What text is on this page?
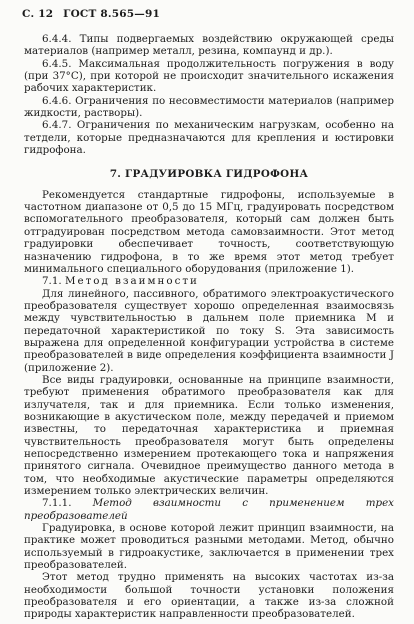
С. 12 ГОСТ 8.565—91

6.4.4. Типы подвергаемых воздействию окружающей среды материалов (например металл, резина, компаунд и др.).

6.4.5. Максимальная продолжительность погружения в воду (при 37°С), при которой не происходит значительного искажения рабочих характеристик.

6.4.6. Ограничения по несовместимости материалов (например жидкости, растворы).

6.4.7. Ограничения по механическим нагрузкам, особенно на тетдели, которые предназначаются для крепления и юстировки гидрофона.

7. ГРАДУИРОВКА ГИДРОФОНА

Рекомендуется стандартные гидрофоны, используемые в частотном диапазоне от 0,5 до 15 МГц, градуировать посредством вспомогательного преобразователя, который сам должен быть отградуирован посредством метода самовзаимности. Этот метод градуировки обеспечивает точность, соответствующую назначению гидрофона, в то же время этот метод требует минимального специального оборудования (приложение 1).

7.1. Метод взаимности

Для линейного, пассивного, обратимого электроакустического преобразователя существует хорошо определенная взаимосвязь между чувствительностью в дальнем поле приемника M и передаточной характеристикой по току S. Эта зависимость выражена для определенной конфигурации устройства в системе преобразователей в виде определения коэффициента взаимности J (приложение 2).

Все виды градуировки, основанные на принципе взаимности, требуют применения обратимого преобразователя как для излучателя, так и для приемника. Если только изменения, возникающие в акустическом поле, между передачей и приемом известны, то передаточная характеристика и приемная чувствительность преобразователя могут быть определены непосредственно измерением протекающего тока и напряжения принятого сигнала. Очевидное преимущество данного метода в том, что необходимые акустические параметры определяются измерением только электрических величин.

7.1.1. Метод взаимности с применением трех преобразователей

Градуировка, в основе которой лежит принцип взаимности, на практике может проводиться разными методами. Метод, обычно используемый в гидроакустике, заключается в применении трех преобразователей.

Этот метод трудно применять на высоких частотах из-за необходимости большой точности установки положения преобразователя и его ориентации, а также из-за сложной природы характеристик направленности преобразователей.
